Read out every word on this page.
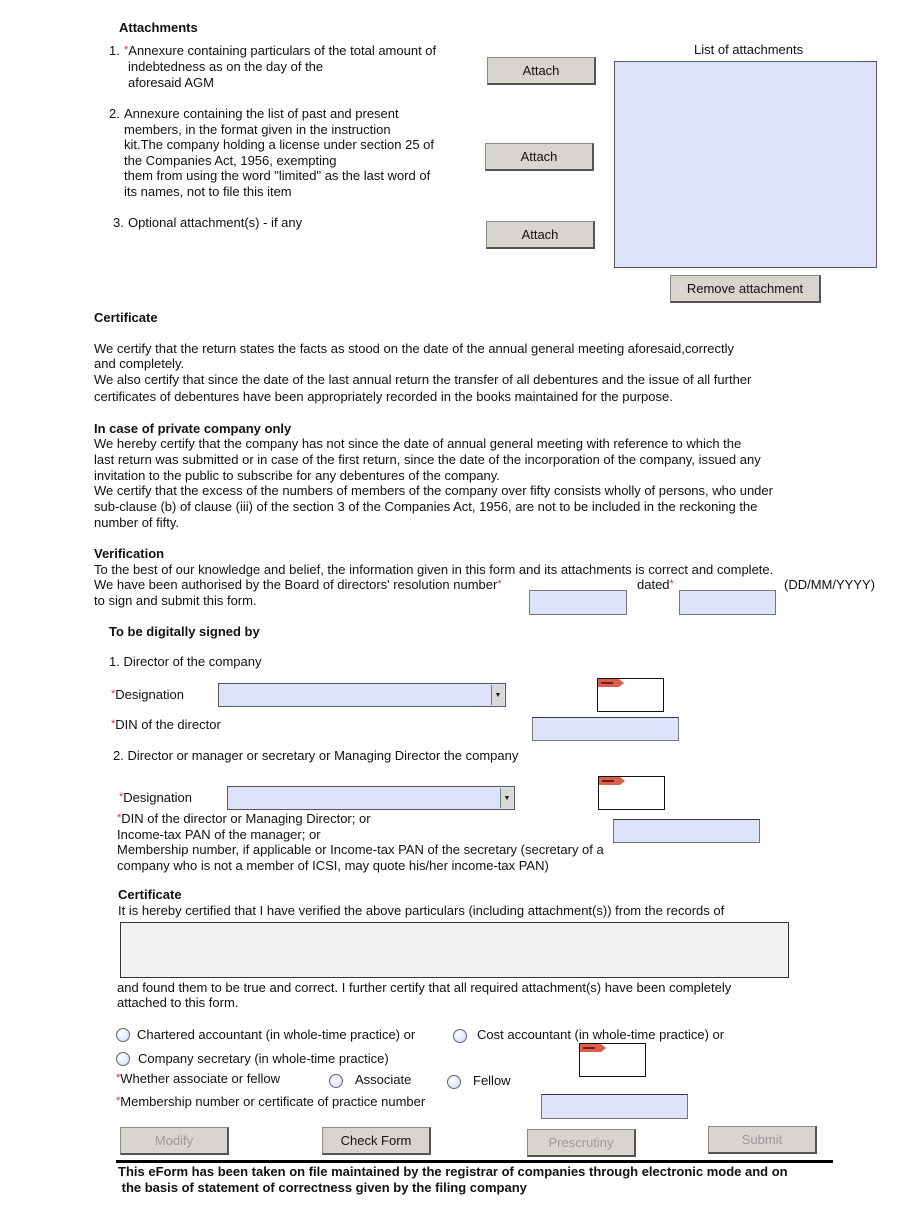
Attachments
1. *Annexure containing particulars of the total amount of
indebtedness as on the day of the
aforesaid AGM
2. Annexure containing the list of past and present
members, in the format given in the instruction
kit.The company holding a license under section 25 of
the Companies Act, 1956, exempting
them from using the word "limited" as the last word of
its names, not to file this item
3. Optional attachment(s) - if any
Attach
Attach
Attach
List of attachments
Remove attachment
Certificate
We certify that the return states the facts as stood on the date of the annual general meeting aforesaid,correctly
and completely.
We also certify that since the date of the last annual return the transfer of all debentures and the issue of all further
certificates of debentures have been appropriately recorded in the books maintained for the purpose.
In case of private company only
We hereby certify that the company has not since the date of annual general meeting with reference to which the
last return was submitted or in case of the first return, since the date of the incorporation of the company, issued any
invitation to the public to subscribe for any debentures of the company.
We certify that the excess of the numbers of members of the company over fifty consists wholly of persons, who under
sub-clause (b) of clause (iii) of the section 3 of the Companies Act, 1956, are not to be included in the reckoning the
number of fifty.
Verification
To the best of our knowledge and belief, the information given in this form and its attachments is correct and complete.
We have been authorised by the Board of directors' resolution number*	dated*	(DD/MM/YYYY)
to sign and submit this form.
To be digitally signed by
1. Director of the company
*Designation	▼
*DIN of the director
2. Director or manager or secretary or Managing Director the company
*Designation	▼
*DIN of the director or Managing Director; or
Income-tax PAN of the manager; or
Membership number, if applicable or Income-tax PAN of the secretary (secretary of a
company who is not a member of ICSI, may quote his/her income-tax PAN)
Certificate
It is hereby certified that I have verified the above particulars (including attachment(s)) from the records of
and found them to be true and correct. I further certify that all required attachment(s) have been completely
attached to this form.
Chartered accountant (in whole-time practice) or	Cost accountant (in whole-time practice) or
Company secretary (in whole-time practice)
*Whether associate or fellow	Associate	Fellow
*Membership number or certificate of practice number
Modify	Check Form	Prescrutiny	Submit
This eForm has been taken on file maintained by the registrar of companies through electronic mode and on
the basis of statement of correctness given by the filing company
